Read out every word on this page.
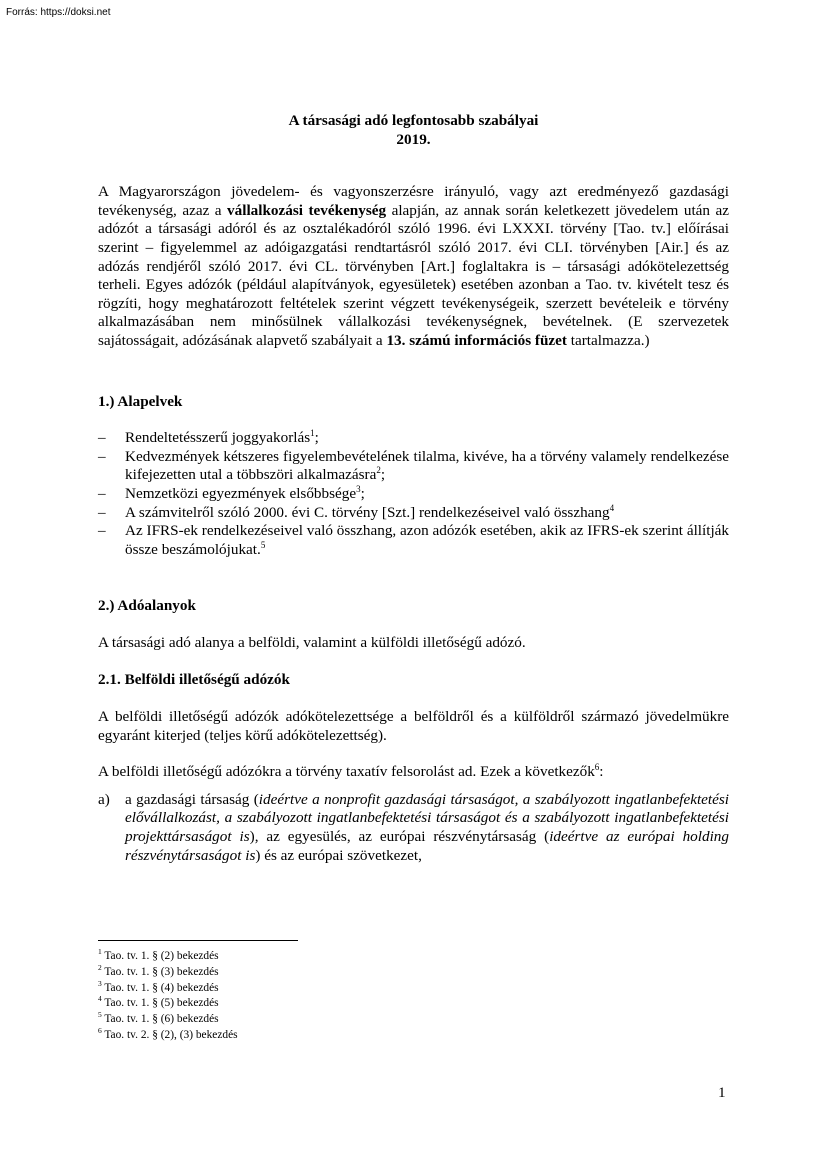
Forrás: https://doksi.net

A társasági adó legfontosabb szabályai
2019.

A Magyarországon jövedelem- és vagyonszerzésre irányuló, vagy azt eredményező gazdasági tevékenység, azaz a vállalkozási tevékenység alapján, az annak során keletkezett jövedelem után az adózót a társasági adóról és az osztalékadóról szóló 1996. évi LXXXI. törvény [Tao. tv.] előírásai szerint – figyelemmel az adóigazgatási rendtartásról szóló 2017. évi CLI. törvényben [Air.] és az adózás rendjéről szóló 2017. évi CL. törvényben [Art.] foglaltakra is – társasági adókötelezettség terheli. Egyes adózók (például alapítványok, egyesületek) esetében azonban a Tao. tv. kivételt tesz és rögzíti, hogy meghatározott feltételek szerint végzett tevékenységeik, szerzett bevételeik e törvény alkalmazásában nem minősülnek vállalkozási tevékenységnek, bevételnek. (E szervezetek sajátosságait, adózásának alapvető szabályait a 13. számú információs füzet tartalmazza.)

1.) Alapelvek

– Rendeltetésszerű joggyakorlás$^1$;
– Kedvezmények kétszeres figyelembevételének tilalma, kivéve, ha a törvény valamely rendelkezése kifejezetten utal a többszöri alkalmazásra$^2$;
– Nemzetközi egyezmények elsőbbsége$^3$;
– A számvitelről szóló 2000. évi C. törvény [Szt.] rendelkezéseivel való összhang$^4$
– Az IFRS-ek rendelkezéseivel való összhang, azon adózók esetében, akik az IFRS-ek szerint állítják össze beszámolójukat.$^5$

2.) Adóalanyok

A társasági adó alanya a belföldi, valamint a külföldi illetőségű adózó.

2.1. Belföldi illetőségű adózók

A belföldi illetőségű adózók adókötelezettsége a belföldről és a külföldről származó jövedelmükre egyaránt kiterjed (teljes körű adókötelezettség).

A belföldi illetőségű adózókra a törvény taxatív felsorolást ad. Ezek a következők$^6$:

a) a gazdasági társaság (ideértve a nonprofit gazdasági társaságot, a szabályozott ingatlanbefektetési elővállalkozást, a szabályozott ingatlanbefektetési társaságot és a szabályozott ingatlanbefektetési projekttársaságot is), az egyesülés, az európai részvénytársaság (ideértve az európai holding részvénytársaságot is) és az európai szövetkezet,
$^1$ Tao. tv. 1. § (2) bekezdés
$^2$ Tao. tv. 1. § (3) bekezdés
$^3$ Tao. tv. 1. § (4) bekezdés
$^4$ Tao. tv. 1. § (5) bekezdés
$^5$ Tao. tv. 1. § (6) bekezdés
$^6$ Tao. tv. 2. § (2), (3) bekezdés
1
